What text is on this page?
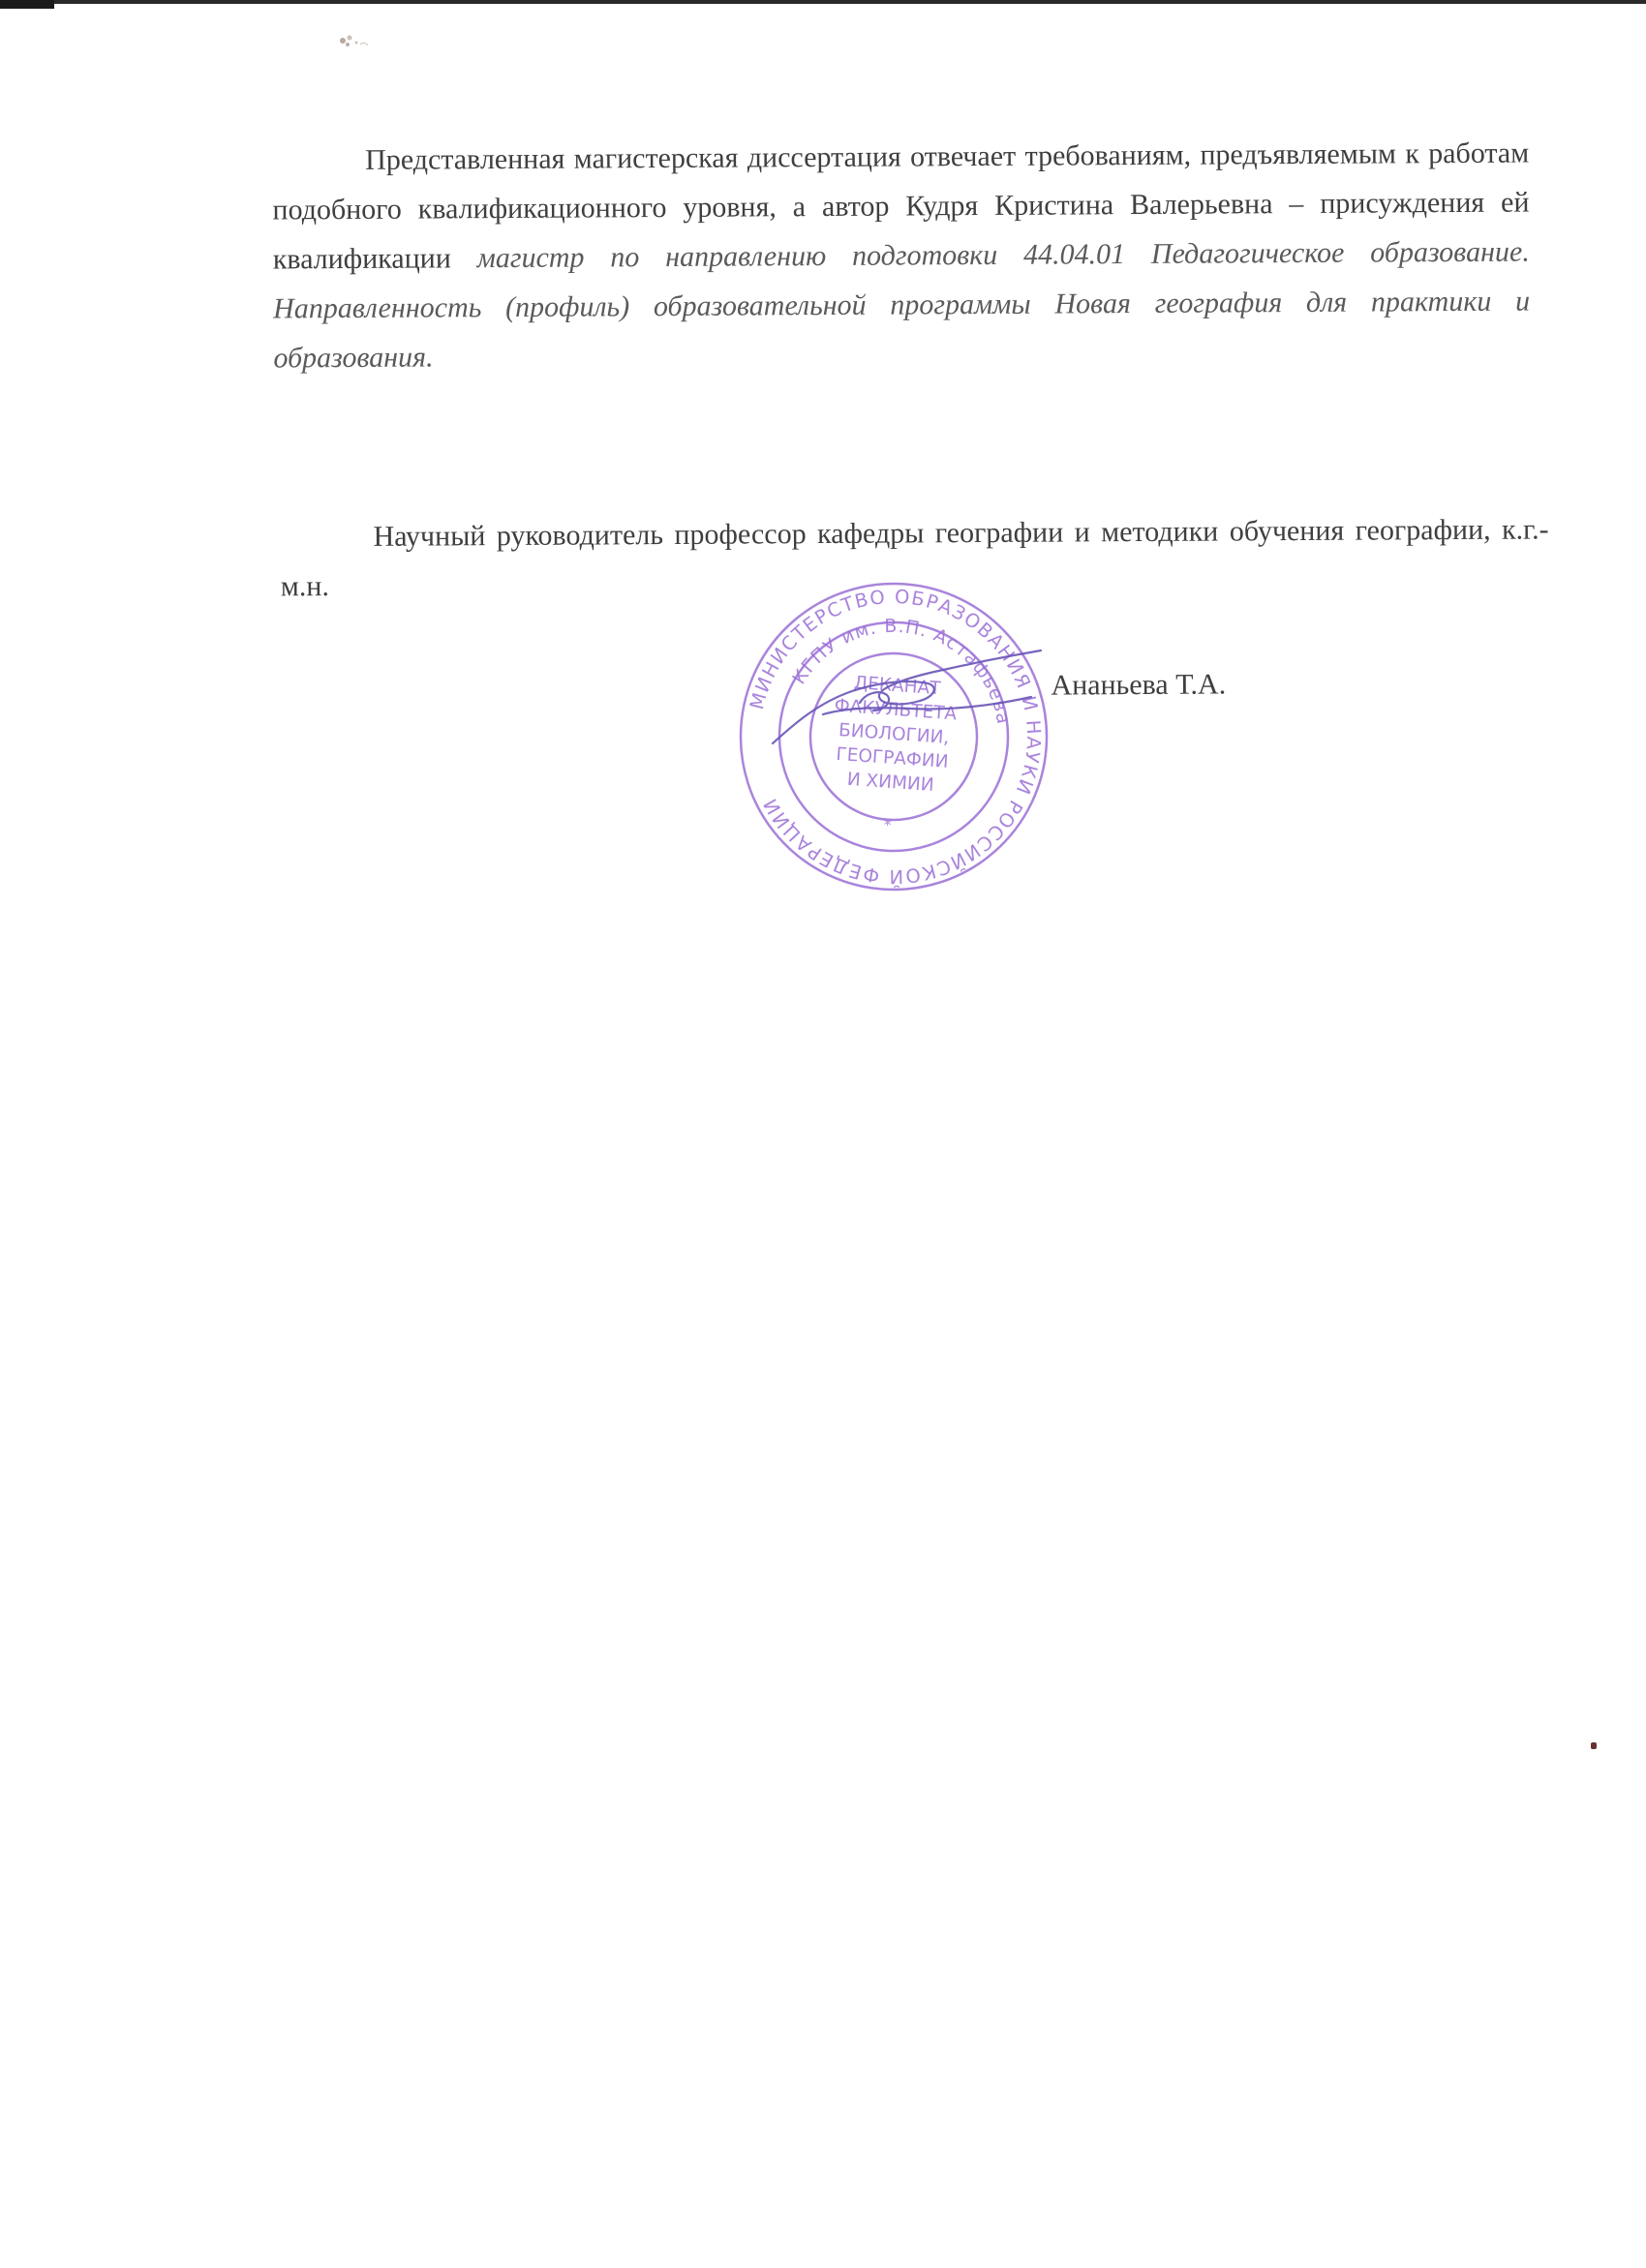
Представленная магистерская диссертация отвечает требованиям, предъявляемым к работам подобного квалификационного уровня, а автор Кудря Кристина Валерьевна – присуждения ей квалификации магистр по направлению подготовки 44.04.01 Педагогическое образование. Направленность (профиль) образовательной программы Новая география для практики и образования.

Научный руководитель профессор кафедры географии и методики обучения географии, к.г.-м.н.

Ананьева Т.А.
МИНИСТЕРСТВО ОБРАЗОВАНИЯ И НАУКИ РОССИЙСКОЙ ФЕДЕРАЦИИ
КГПУ им. В.П. Астафьева
ДЕКАНАТ
ФАКУЛЬТЕТА
БИОЛОГИИ,
ГЕОГРАФИИ
И ХИМИИ
*
